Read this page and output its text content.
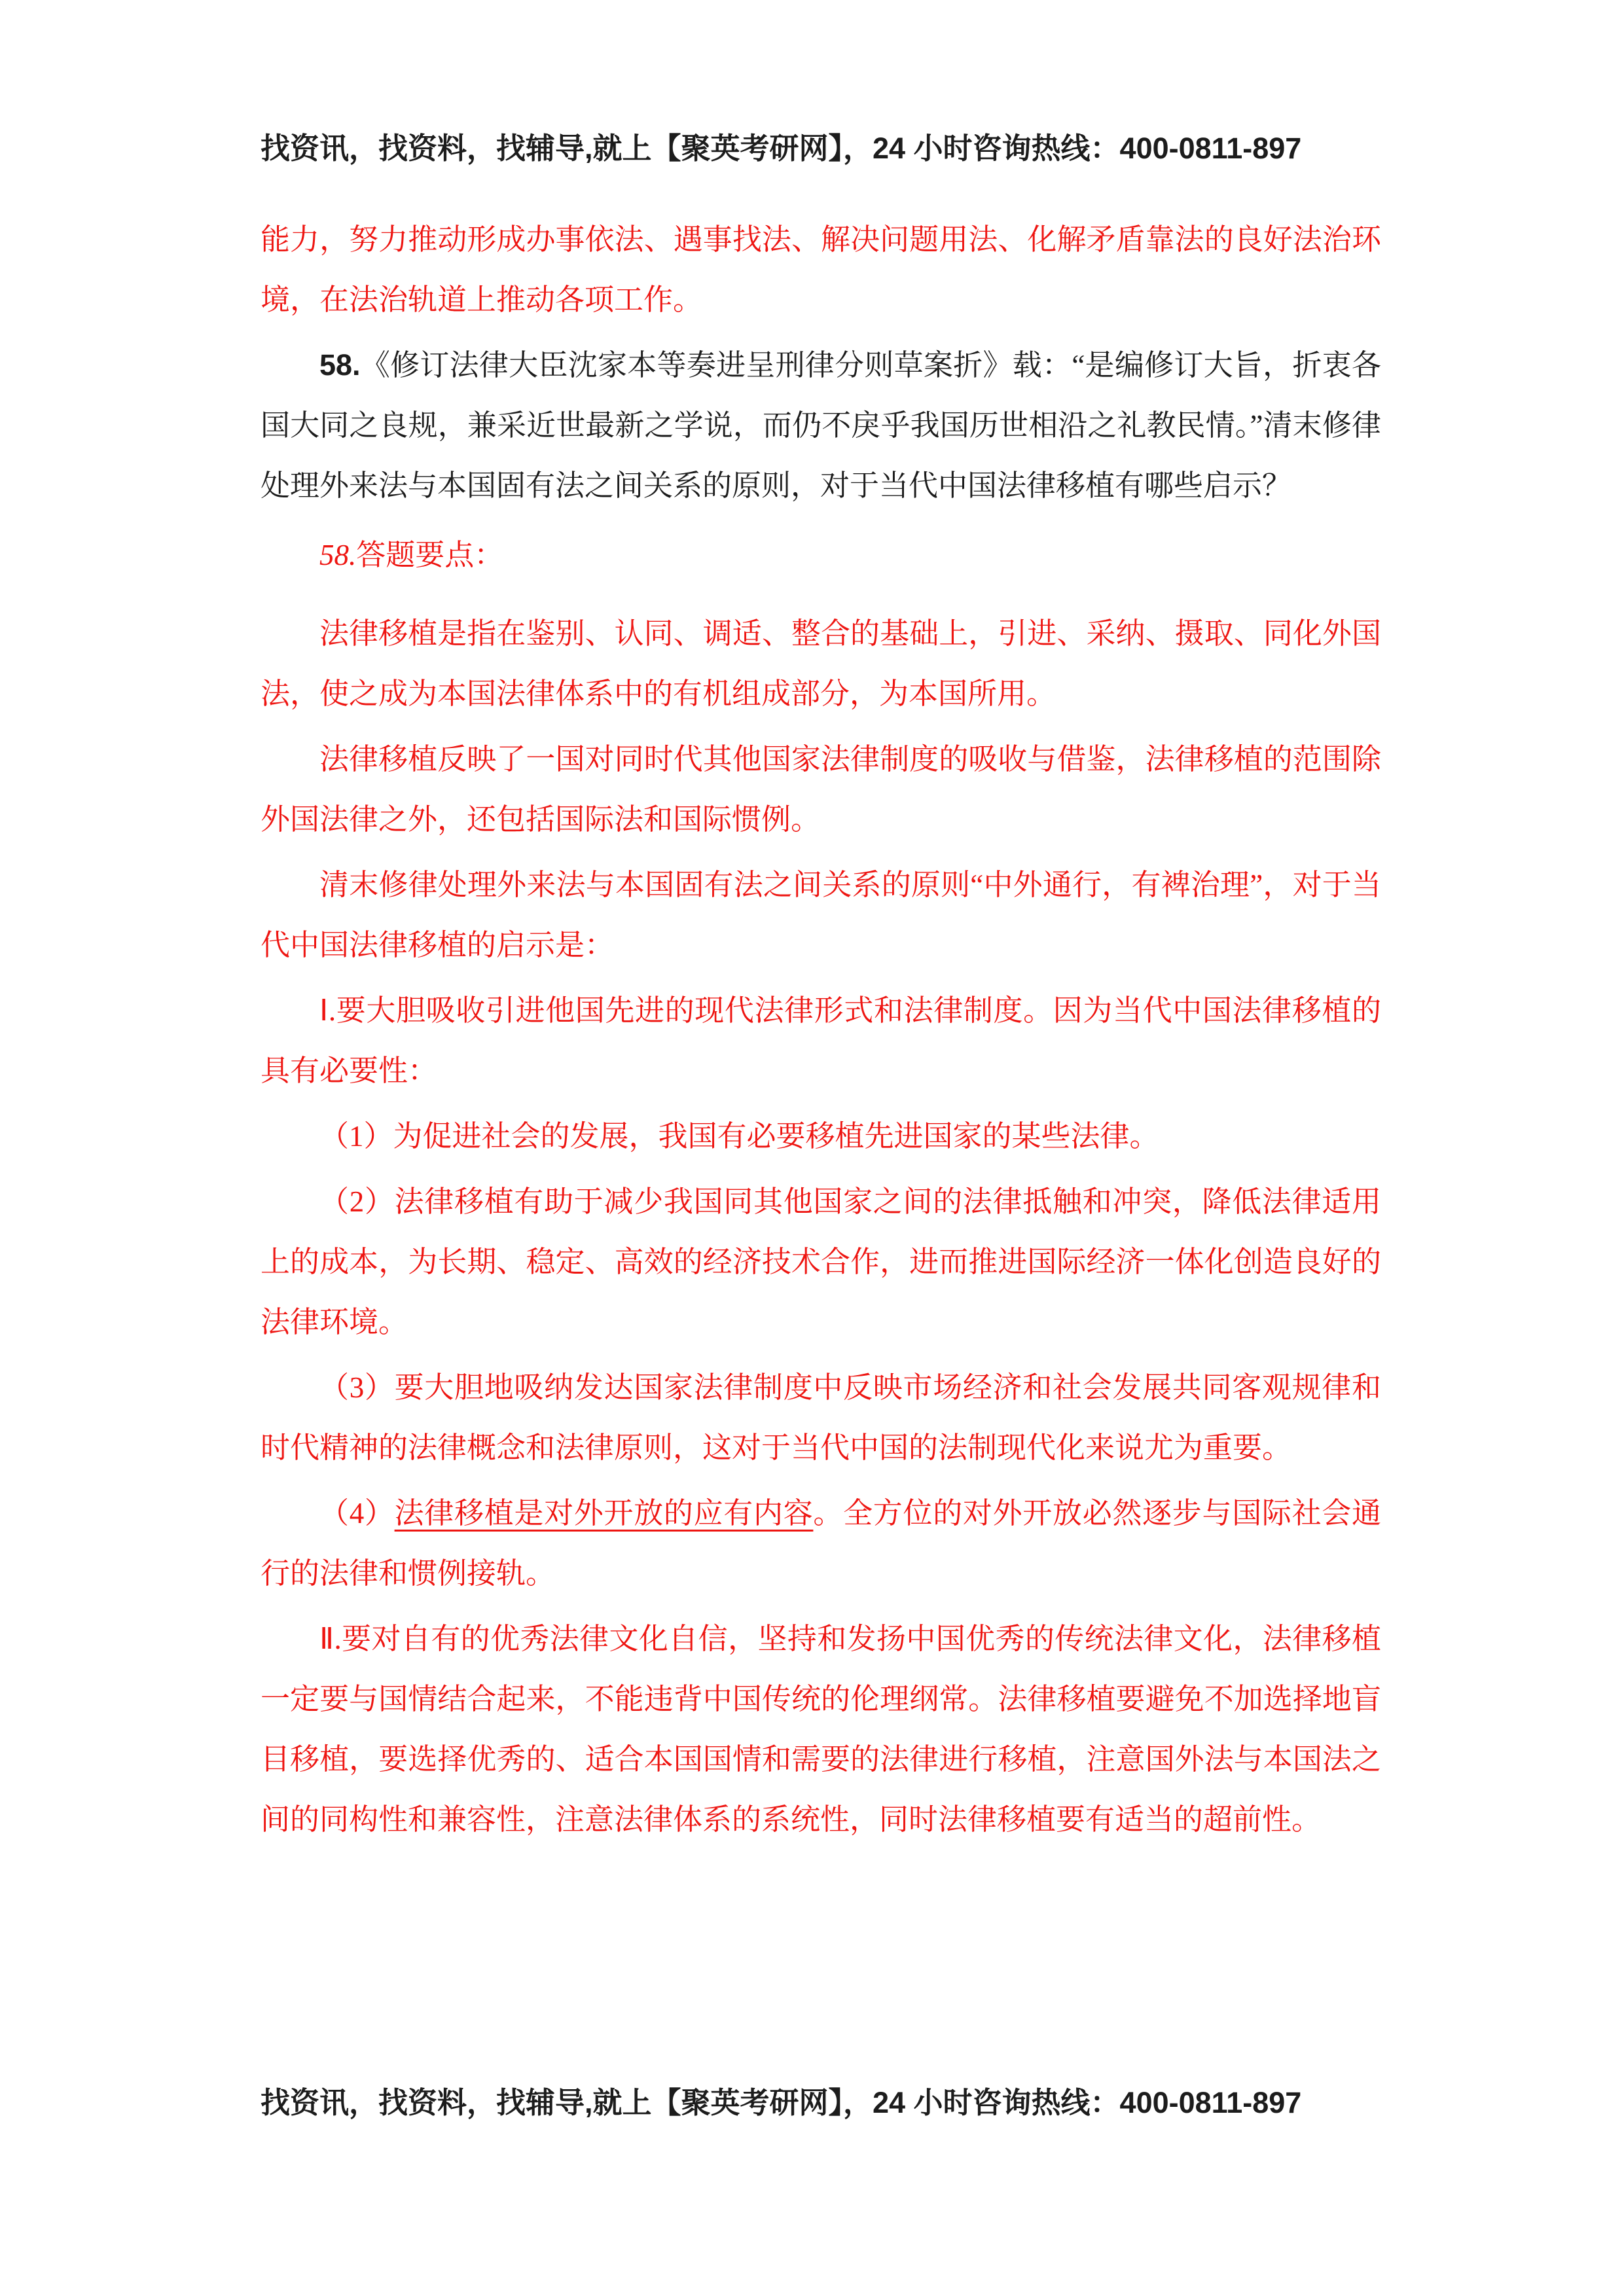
找资讯，找资料，找辅导,就上【聚英考研网】，24 小时咨询热线：400-0811-897

能力，努力推动形成办事依法、遇事找法、解决问题用法、化解矛盾靠法的良好法治环境，在法治轨道上推动各项工作。

58.《修订法律大臣沈家本等奏进呈刑律分则草案折》载：“是编修订大旨，折衷各国大同之良规，兼采近世最新之学说，而仍不戾乎我国历世相沿之礼教民情。”清末修律处理外来法与本国固有法之间关系的原则，对于当代中国法律移植有哪些启示？

58.答题要点：

法律移植是指在鉴别、认同、调适、整合的基础上，引进、采纳、摄取、同化外国法，使之成为本国法律体系中的有机组成部分，为本国所用。

法律移植反映了一国对同时代其他国家法律制度的吸收与借鉴，法律移植的范围除外国法律之外，还包括国际法和国际惯例。

清末修律处理外来法与本国固有法之间关系的原则“中外通行，有裨治理”，对于当代中国法律移植的启示是：

Ⅰ.要大胆吸收引进他国先进的现代法律形式和法律制度。因为当代中国法律移植的具有必要性：

（1）为促进社会的发展，我国有必要移植先进国家的某些法律。

（2）法律移植有助于减少我国同其他国家之间的法律抵触和冲突，降低法律适用上的成本，为长期、稳定、高效的经济技术合作，进而推进国际经济一体化创造良好的法律环境。

（3）要大胆地吸纳发达国家法律制度中反映市场经济和社会发展共同客观规律和时代精神的法律概念和法律原则，这对于当代中国的法制现代化来说尤为重要。

（4）法律移植是对外开放的应有内容。全方位的对外开放必然逐步与国际社会通行的法律和惯例接轨。

Ⅱ.要对自有的优秀法律文化自信，坚持和发扬中国优秀的传统法律文化，法律移植一定要与国情结合起来，不能违背中国传统的伦理纲常。法律移植要避免不加选择地盲目移植，要选择优秀的、适合本国国情和需要的法律进行移植，注意国外法与本国法之间的同构性和兼容性，注意法律体系的系统性，同时法律移植要有适当的超前性。

找资讯，找资料，找辅导,就上【聚英考研网】，24 小时咨询热线：400-0811-897
